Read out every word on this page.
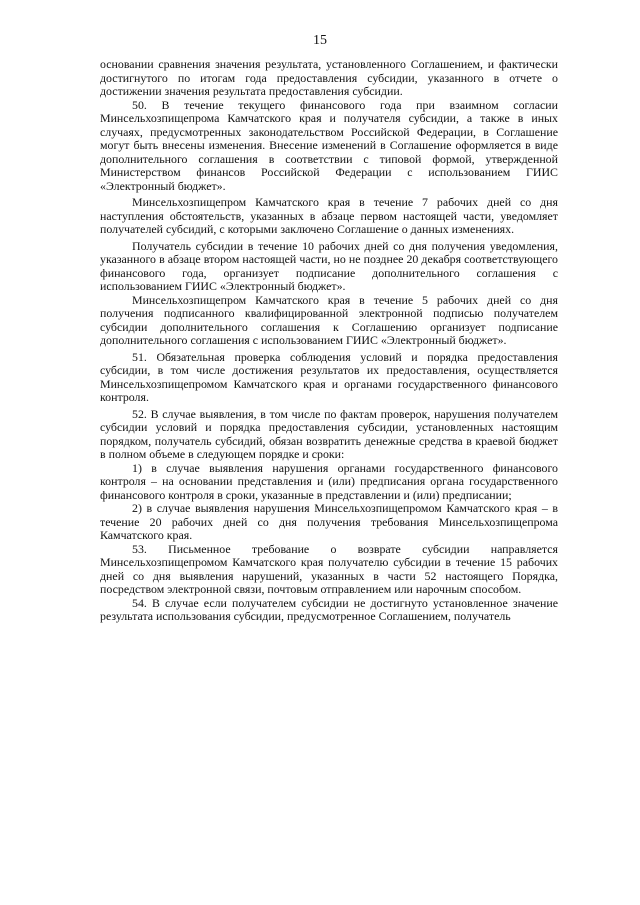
15

основании сравнения значения результата, установленного Соглашением, и фактически достигнутого по итогам года предоставления субсидии, указанного в отчете о достижении значения результата предоставления субсидии.

50. В течение текущего финансового года при взаимном согласии Минсельхозпищепрома Камчатского края и получателя субсидии, а также в иных случаях, предусмотренных законодательством Российской Федерации, в Соглашение могут быть внесены изменения. Внесение изменений в Соглашение оформляется в виде дополнительного соглашения в соответствии с типовой формой, утвержденной Министерством финансов Российской Федерации с использованием ГИИС «Электронный бюджет».

Минсельхозпищепром Камчатского края в течение 7 рабочих дней со дня наступления обстоятельств, указанных в абзаце первом настоящей части, уведомляет получателей субсидий, с которыми заключено Соглашение о данных изменениях.

Получатель субсидии в течение 10 рабочих дней со дня получения уведомления, указанного в абзаце втором настоящей части, но не позднее 20 декабря соответствующего финансового года, организует подписание дополнительного соглашения с использованием ГИИС «Электронный бюджет».

Минсельхозпищепром Камчатского края в течение 5 рабочих дней со дня получения подписанного квалифицированной электронной подписью получателем субсидии дополнительного соглашения к Соглашению организует подписание дополнительного соглашения с использованием ГИИС «Электронный бюджет».

51. Обязательная проверка соблюдения условий и порядка предоставления субсидии, в том числе достижения результатов их предоставления, осуществляется Минсельхозпищепромом Камчатского края и органами государственного финансового контроля.

52. В случае выявления, в том числе по фактам проверок, нарушения получателем субсидии условий и порядка предоставления субсидии, установленных настоящим порядком, получатель субсидий, обязан возвратить денежные средства в краевой бюджет в полном объеме в следующем порядке и сроки:

1) в случае выявления нарушения органами государственного финансового контроля – на основании представления и (или) предписания органа государственного финансового контроля в сроки, указанные в представлении и (или) предписании;

2) в случае выявления нарушения Минсельхозпищепромом Камчатского края – в течение 20 рабочих дней со дня получения требования Минсельхозпищепрома Камчатского края.

53. Письменное требование о возврате субсидии направляется Минсельхозпищепромом Камчатского края получателю субсидии в течение 15 рабочих дней со дня выявления нарушений, указанных в части 52 настоящего Порядка, посредством электронной связи, почтовым отправлением или нарочным способом.

54. В случае если получателем субсидии не достигнуто установленное значение результата использования субсидии, предусмотренное Соглашением, получатель
